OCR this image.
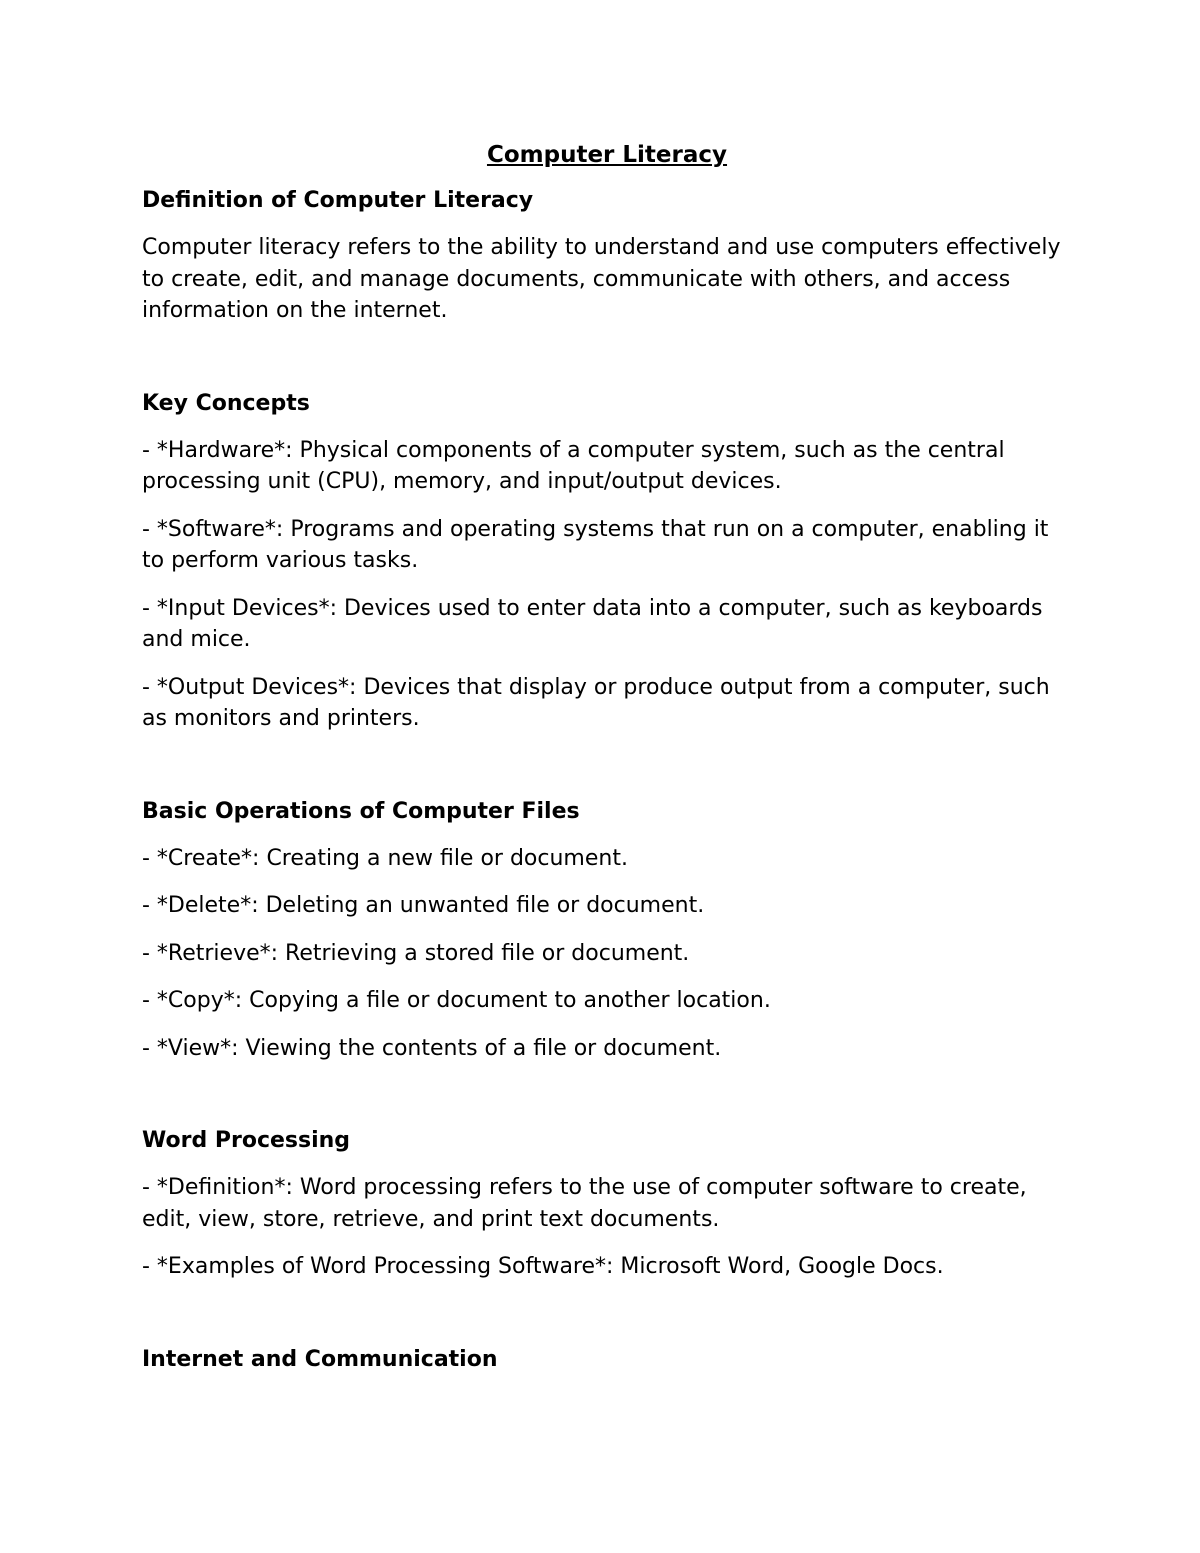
Computer Literacy
Definition of Computer Literacy
Computer literacy refers to the ability to understand and use computers effectively to create, edit, and manage documents, communicate with others, and access information on the internet.
Key Concepts
- *Hardware*: Physical components of a computer system, such as the central processing unit (CPU), memory, and input/output devices.
- *Software*: Programs and operating systems that run on a computer, enabling it to perform various tasks.
- *Input Devices*: Devices used to enter data into a computer, such as keyboards and mice.
- *Output Devices*: Devices that display or produce output from a computer, such as monitors and printers.
Basic Operations of Computer Files
- *Create*: Creating a new file or document.
- *Delete*: Deleting an unwanted file or document.
- *Retrieve*: Retrieving a stored file or document.
- *Copy*: Copying a file or document to another location.
- *View*: Viewing the contents of a file or document.
Word Processing
- *Definition*: Word processing refers to the use of computer software to create, edit, view, store, retrieve, and print text documents.
- *Examples of Word Processing Software*: Microsoft Word, Google Docs.
Internet and Communication
